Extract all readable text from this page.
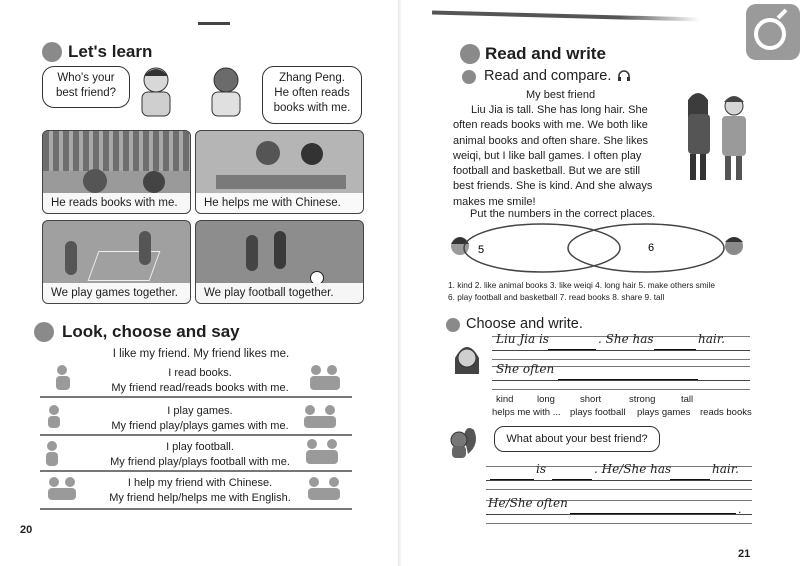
Let's learn
Who's your
best friend?
Zhang Peng.
He often reads
books with me.
He reads books with me.	He helps me with Chinese.
We play games together.	We play football together.
Look, choose and say
I like my friend. My friend likes me.
I read books.
My friend read/reads books with me.
I play games.
My friend play/plays games with me.
I play football.
My friend play/plays football with me.
I help my friend with Chinese.
My friend help/helps me with English.
20
Read and write
Read and compare.
My best friend

Liu Jia is tall. She has long hair. She

often reads books with me. We both like

animal books and often share. She likes

weiqi, but I like ball games. I often play

football and basketball. But we are still

best friends. She is kind. And she always

makes me smile!

Put the numbers in the correct places.
5	6
1. kind 2. like animal books 3. like weiqi 4. long hair 5. make others smile
6. play football and basketball 7. read books 8. share 9. tall
Choose and write.
Liu Jia is	. She has	hair.
She often
kind long	short	strong	tall
helps me with ... plays football plays games reads books
What about your best friend?
is	. He/She has	hair.
He/She often	.
21
